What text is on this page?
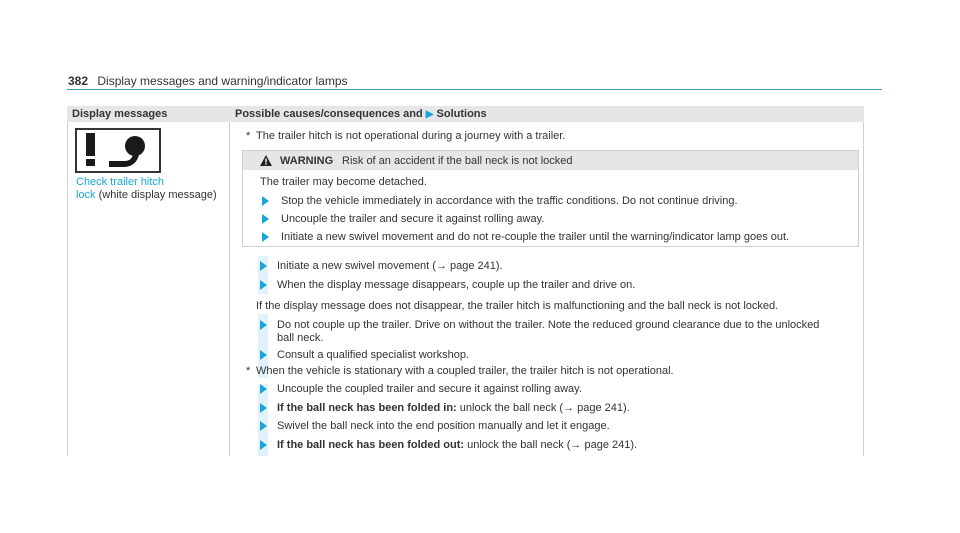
382 Display messages and warning/indicator lamps
Display messages	Possible causes/consequences and ▶ Solutions
Check trailer hitch
lock (white display message)
* The trailer hitch is not operational during a journey with a trailer.
WARNING Risk of an accident if the ball neck is not locked
The trailer may become detached.
Stop the vehicle immediately in accordance with the traffic conditions. Do not continue driving.
Uncouple the trailer and secure it against rolling away.
Initiate a new swivel movement and do not re-couple the trailer until the warning/indicator lamp goes out.
Initiate a new swivel movement (→ page 241).
When the display message disappears, couple up the trailer and drive on.
If the display message does not disappear, the trailer hitch is malfunctioning and the ball neck is not locked.
Do not couple up the trailer. Drive on without the trailer. Note the reduced ground clearance due to the unlocked
ball neck.
Consult a qualified specialist workshop.
* When the vehicle is stationary with a coupled trailer, the trailer hitch is not operational.
Uncouple the coupled trailer and secure it against rolling away.
If the ball neck has been folded in: unlock the ball neck (→ page 241).
Swivel the ball neck into the end position manually and let it engage.
If the ball neck has been folded out: unlock the ball neck (→ page 241).
